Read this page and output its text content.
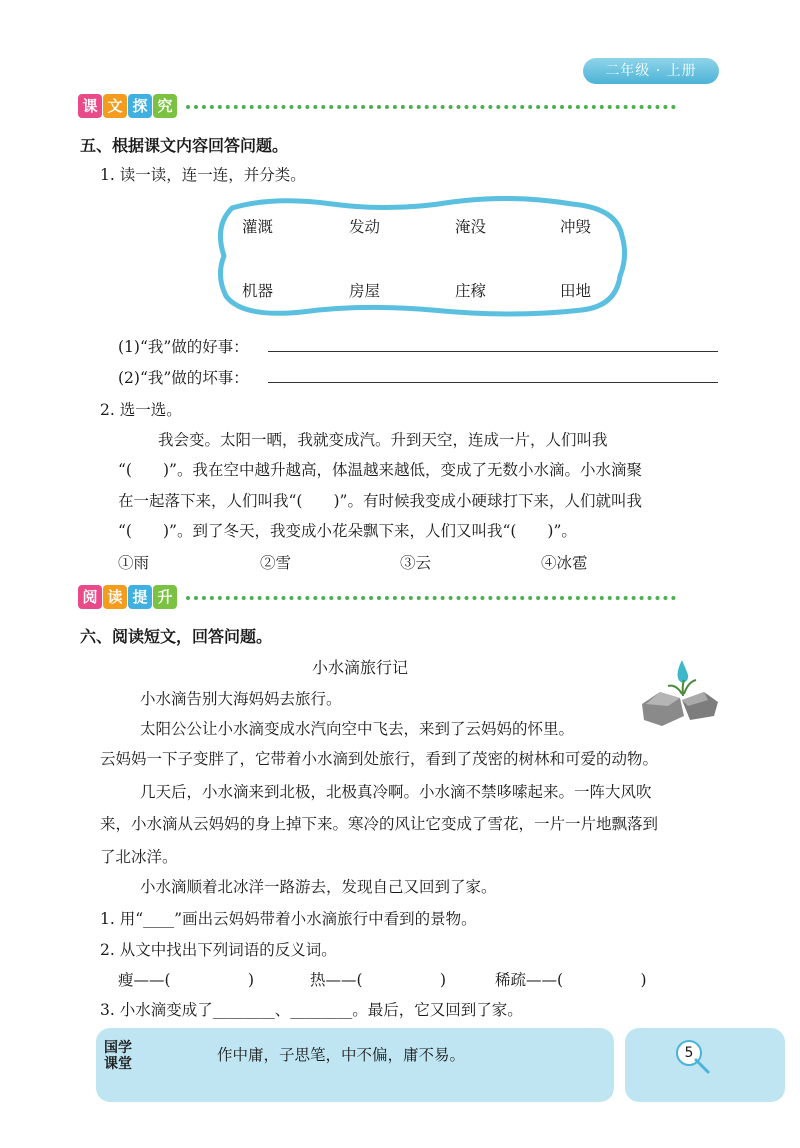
二年级 · 上册
课 文 探 究
五、根据课文内容回答问题。
1. 读一读，连一连，并分类。
灌溉	发动	淹没	冲毁
机器	房屋	庄稼	田地
(1)“我”做的好事：
(2)“我”做的坏事：
2. 选一选。
我会变。太阳一晒，我就变成汽。升到天空，连成一片，人们叫我
“(　　)”。我在空中越升越高，体温越来越低，变成了无数小水滴。小水滴聚
在一起落下来，人们叫我“(　　)”。有时候我变成小硬球打下来，人们就叫我
“(　　)”。到了冬天，我变成小花朵飘下来，人们又叫我“(　　)”。
①雨	②雪	③云	④冰雹
阅 读 提 升
六、阅读短文，回答问题。
小水滴旅行记
小水滴告别大海妈妈去旅行。
太阳公公让小水滴变成水汽向空中飞去，来到了云妈妈的怀里。
云妈妈一下子变胖了，它带着小水滴到处旅行，看到了茂密的树林和可爱的动物。
几天后，小水滴来到北极，北极真冷啊。小水滴不禁哆嗦起来。一阵大风吹
来，小水滴从云妈妈的身上掉下来。寒冷的风让它变成了雪花，一片一片地飘落到
了北冰洋。
小水滴顺着北冰洋一路游去，发现自己又回到了家。
1. 用“____”画出云妈妈带着小水滴旅行中看到的景物。
2. 从文中找出下列词语的反义词。
瘦——(　　　　　)	热——(　　　　　)	稀疏——(　　　　　)
3. 小水滴变成了________、________。最后，它又回到了家。
国学
课堂	作中庸，子思笔，中不偏，庸不易。	5
